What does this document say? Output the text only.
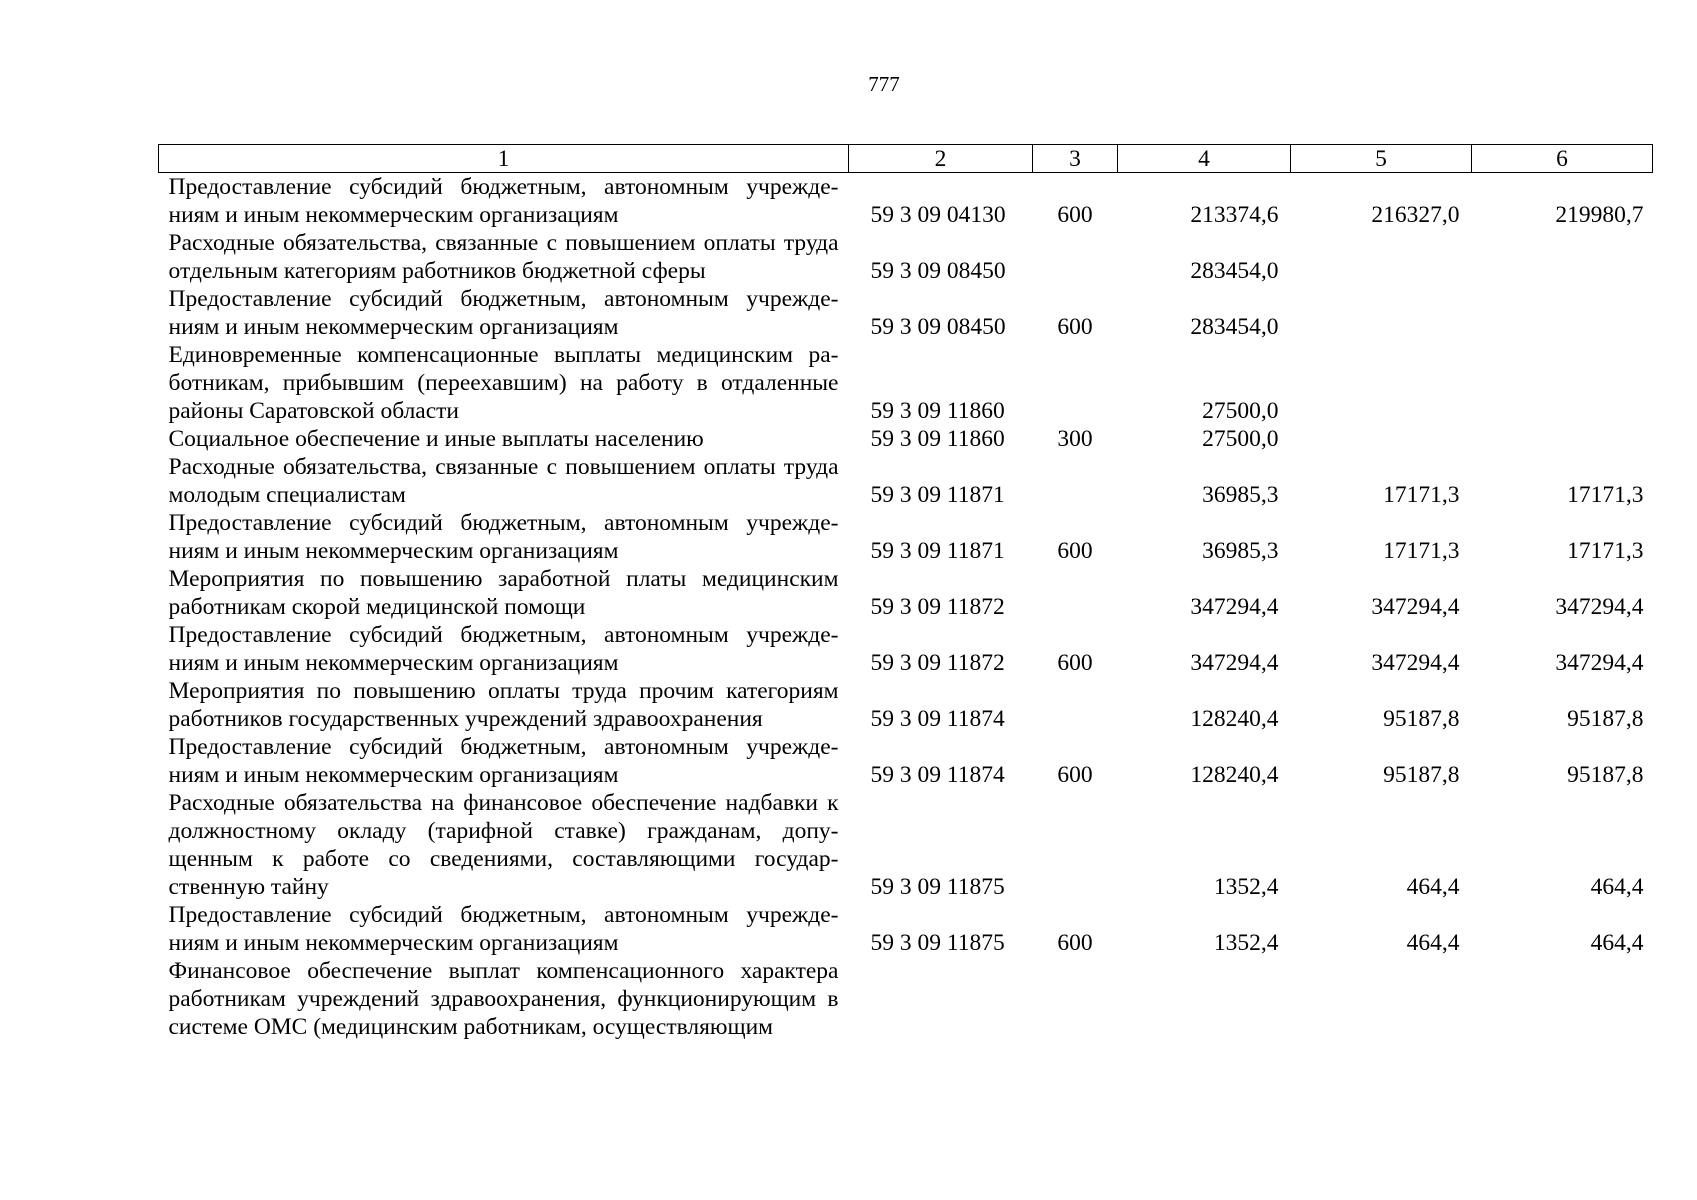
777
1	2	3	4	5	6
Предоставление субсидий бюджетным, автономным учрежде-ниям и иным некоммерческим организациям	59 3 09 04130	600	213374,6	216327,0	219980,7
Расходные обязательства, связанные с повышением оплаты труда отдельным категориям работников бюджетной сферы	59 3 09 08450		283454,0		
Предоставление субсидий бюджетным, автономным учрежде-ниям и иным некоммерческим организациям	59 3 09 08450	600	283454,0		
Единовременные компенсационные выплаты медицинским ра-ботникам, прибывшим (переехавшим) на работу в отдаленные районы Саратовской области	59 3 09 11860		27500,0		
Социальное обеспечение и иные выплаты населению	59 3 09 11860	300	27500,0		
Расходные обязательства, связанные с повышением оплаты труда молодым специалистам	59 3 09 11871		36985,3	17171,3	17171,3
Предоставление субсидий бюджетным, автономным учрежде-ниям и иным некоммерческим организациям	59 3 09 11871	600	36985,3	17171,3	17171,3
Мероприятия по повышению заработной платы медицинским работникам скорой медицинской помощи	59 3 09 11872		347294,4	347294,4	347294,4
Предоставление субсидий бюджетным, автономным учрежде-ниям и иным некоммерческим организациям	59 3 09 11872	600	347294,4	347294,4	347294,4
Мероприятия по повышению оплаты труда прочим категориям работников государственных учреждений здравоохранения	59 3 09 11874		128240,4	95187,8	95187,8
Предоставление субсидий бюджетным, автономным учрежде-ниям и иным некоммерческим организациям	59 3 09 11874	600	128240,4	95187,8	95187,8
Расходные обязательства на финансовое обеспечение надбавки к должностному окладу (тарифной ставке) гражданам, допу-щенным к работе со сведениями, составляющими государ-ственную тайну	59 3 09 11875		1352,4	464,4	464,4
Предоставление субсидий бюджетным, автономным учрежде-ниям и иным некоммерческим организациям	59 3 09 11875	600	1352,4	464,4	464,4
Финансовое обеспечение выплат компенсационного характера работникам учреждений здравоохранения, функционирующим в системе ОМС (медицинским работникам, осуществляющим					
